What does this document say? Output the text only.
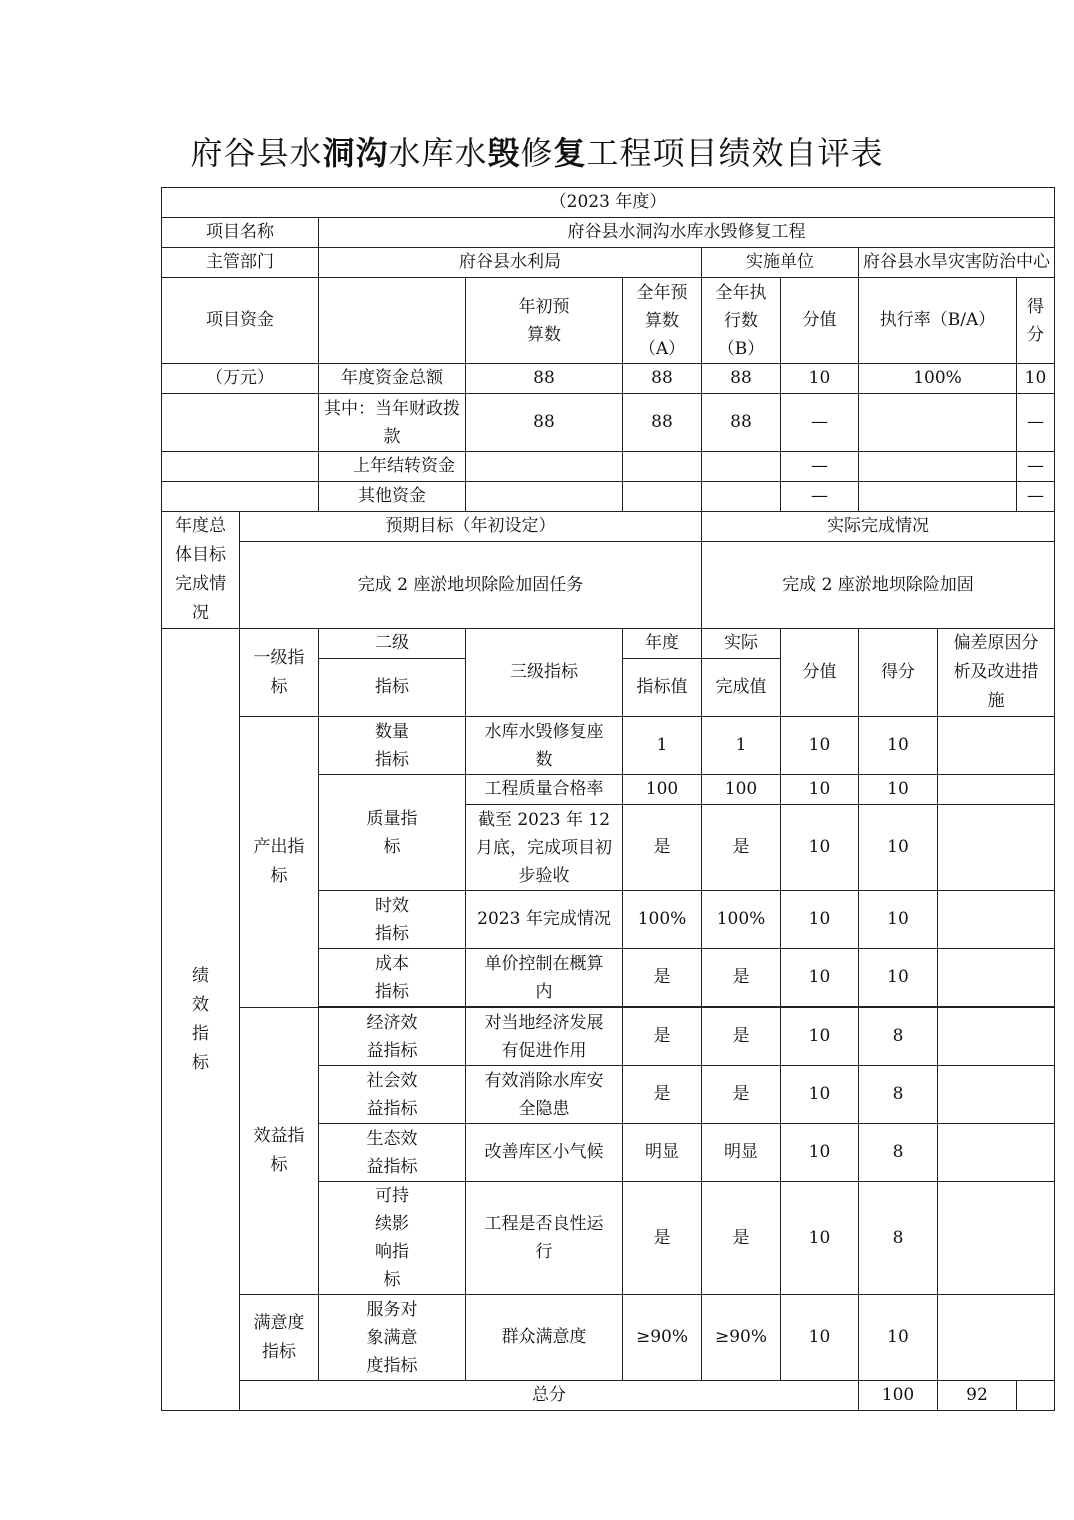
府谷县水洞沟水库水毁修复工程项目绩效自评表
（2023 年度）									
项目名称		府谷县水洞沟水库水毁修复工程							
主管部门		府谷县水利局			实施单位		府谷县水旱灾害防治中心		
项目资金			年初预算数	全年预算数（A）	全年执行数（B）	分值	执行率（B/A）		得分

（万元）		年度资金总额	88	88	88	10	100%		10

		其中：当年财政拨款	88	88	88	—			—
		上年结转资金				—			—
		其他资金				—			—

年度总体目标完成情况	预期目标（年初设定）				实际完成情况				
	完成 2 座淤地坝除险加固任务				完成 2 座淤地坝除险加固				

绩效指标	一级指标	二级	三级指标	年度	实际	分值	得分	偏差原因分析及改进措施	

		指标		指标值	完成值				

	产出指标	数量指标	水库水毁修复座数	1	1	10	10		

		质量指标	工程质量合格率	100	100	10	10		

			截至 2023 年 12 月底，完成项目初步验收	是	是	10	10		

		时效指标	2023 年完成情况	100%	100%	10	10		

		成本指标	单价控制在概算内	是	是	10	10		

	效益指标	经济效益指标	对当地经济发展有促进作用	是	是	10	8		

		社会效益指标	有效消除水库安全隐患	是	是	10	8		

		生态效益指标	改善库区小气候	明显	明显	10	8		

		可持续影响指标	工程是否良性运行	是	是	10	8		

	满意度指标	服务对象满意度指标	群众满意度	≥90%	≥90%	10	10		
	总分						100	92	
